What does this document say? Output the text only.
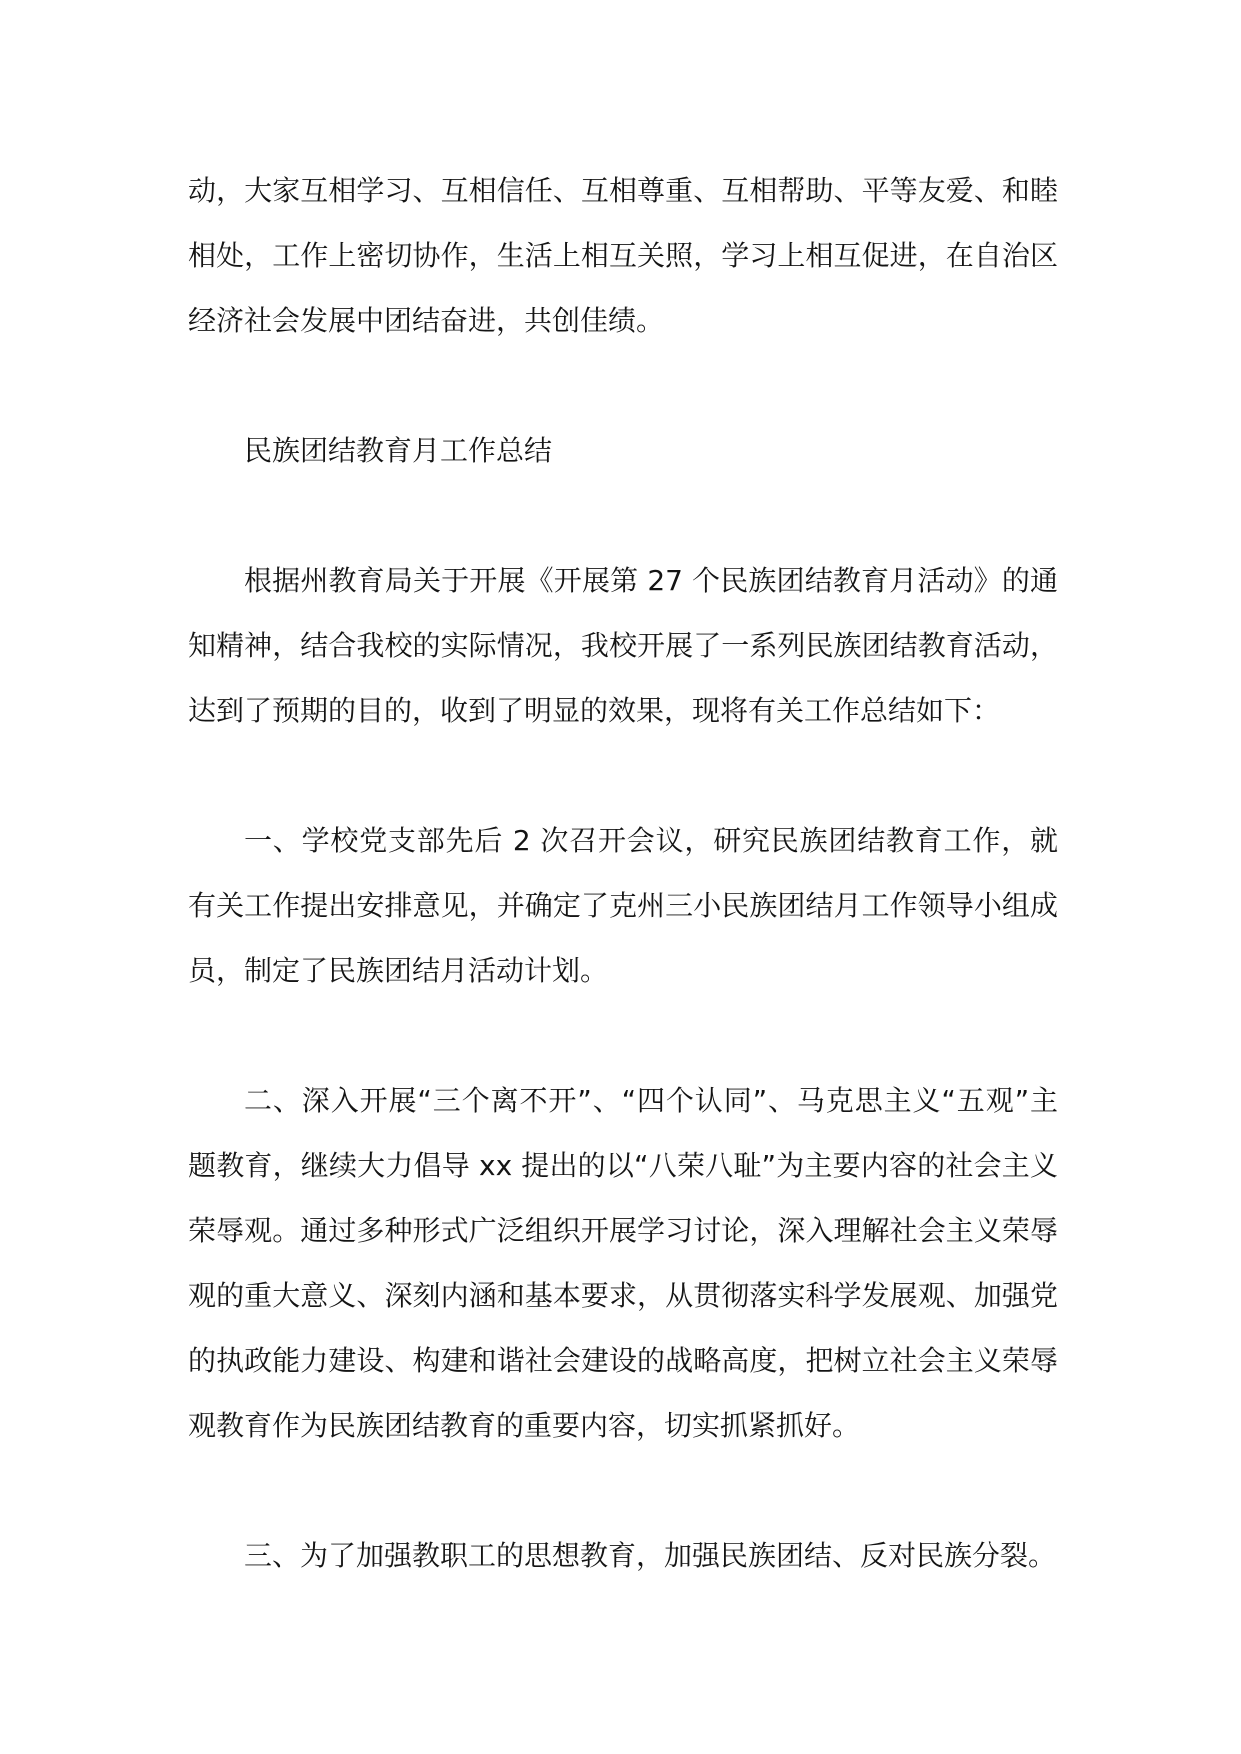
动，大家互相学习、互相信任、互相尊重、互相帮助、平等友爱、和睦相处，工作上密切协作，生活上相互关照，学习上相互促进，在自治区经济社会发展中团结奋进，共创佳绩。

民族团结教育月工作总结

根据州教育局关于开展《开展第 27 个民族团结教育月活动》的通知精神，结合我校的实际情况，我校开展了一系列民族团结教育活动，达到了预期的目的，收到了明显的效果，现将有关工作总结如下：

一、学校党支部先后 2 次召开会议，研究民族团结教育工作，就有关工作提出安排意见，并确定了克州三小民族团结月工作领导小组成员，制定了民族团结月活动计划。

二、深入开展“三个离不开”、“四个认同”、马克思主义“五观”主题教育，继续大力倡导 xx 提出的以“八荣八耻”为主要内容的社会主义荣辱观。通过多种形式广泛组织开展学习讨论，深入理解社会主义荣辱观的重大意义、深刻内涵和基本要求，从贯彻落实科学发展观、加强党的执政能力建设、构建和谐社会建设的战略高度，把树立社会主义荣辱观教育作为民族团结教育的重要内容，切实抓紧抓好。

三、为了加强教职工的思想教育，加强民族团结、反对民族分裂。
